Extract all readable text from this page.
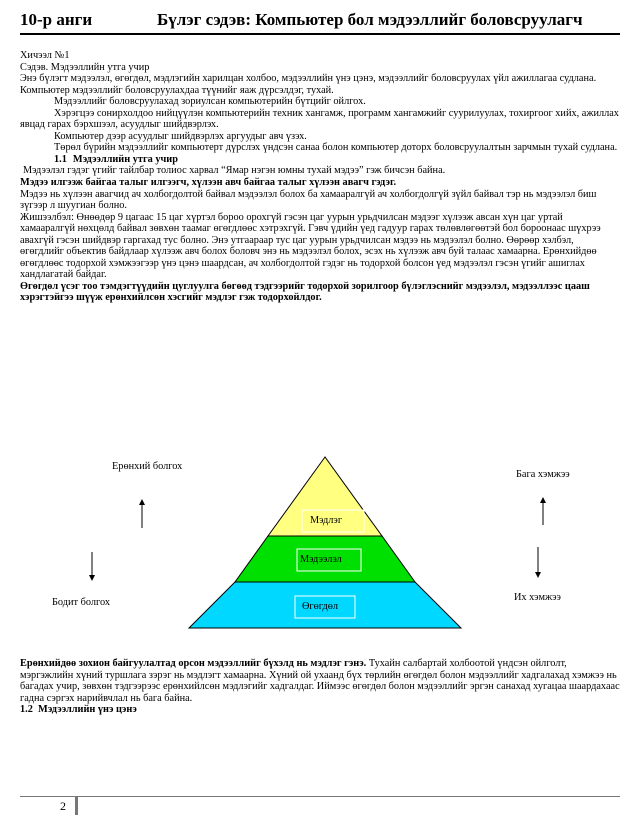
10-р анги	Бүлэг сэдэв: Компьютер бол мэдээллийг боловсруулагч

Хичээл №1

Сэдэв. Мэдээллийн утга учир

Энэ бүлэгт мэдээлэл, өгөгдөл, мэдлэгийн харилцан холбоо, мэдээллийн үнэ цэнэ, мэдээллийг боловсруулах үйл ажиллагаа судлана.

Компьютер мэдээллийг боловсруулахдаа түүнийг яаж дүрсэлдэг, тухай.

Мэдээллийг боловсруулахад зориулсан компьютерийн бүтцийг ойлгох.

Хэрэгцээ сонирхолдоо нийцүүлэн компьютерийн техник хангамж, программ хангамжийг суурилуулах, тохиргоог хийх, ажиллах явцад гарах бэрхшээл, асуудлыг шийдвэрлэх.

Компьютер дээр асуудлыг шийдвэрлэх аргуудыг авч үзэх.

Төрөл бүрийн мэдээллийг компьютерт дүрслэх үндсэн санаа болон компьютер доторх боловсруулалтын зарчмын тухай судлана.

1.1 Мэдээллийн утга учир

Мэдээлэл гэдэг үгийг тайлбар толиос харвал “Ямар нэгэн юмны тухай мэдээ” гэж бичсэн байна.

Мэдээ илгээж байгаа талыг илгээгч, хүлээн авч байгаа талыг хүлээн авагч гэдэг.

Мэдээ нь хүлээн авагчид ач холбогдолтой байвал мэдээлэл болох ба хамааралгүй ач холбогдолгүй зүйл байвал тэр нь мэдээлэл биш зүгээр л шуугиан болно.

Жишээлбэл: Өнөөдөр 9 цагаас 15 цаг хүртэл бороо орохгүй гэсэн цаг уурын урьдчилсан мэдээг хүлээж авсан хүн цаг уртай хамааралгүй нөхцөлд байвал зөвхөн таамаг өгөгдлөөс хэтрэхгүй. Гэвч үдийн үед гадуур гарах төлөвлөгөөтэй бол бороонаас шүхрээ авахгүй гэсэн шийдвэр гаргахад тус болно. Энэ утгаараар тус цаг уурын урьдчилсан мэдээ нь мэдээлэл болно. Өөрөөр хэлбэл, өгөгдлийг объектив байдлаар хүлээж авч болох боловч энэ нь мэдээлэл болох, эсэх нь хүлээж авч буй талаас хамаарна. Ерөнхийдөө өгөгдлөөс тодорхой хэмжээгээр үнэ цэнэ шаардсан, ач холбогдолтой гэдэг нь тодорхой болсон үед мэдээлэл гэсэн үгийг ашиглах хандлагатай байдаг.

Өгөгдөл үсэг тоо тэмдэгтүүдийн цуглуулга бөгөөд тэдгээрийг тодорхой зорилгоор бүлэглэснийг мэдээлэл, мэдээллээс цааш хэрэгтэйгээ шүүж ерөнхийлсөн хэсгийг мэдлэг гэж тодорхойлдог.

Ерөнхий болгох
Бодит болгох
Бага хэмжээ
Их хэмжээ
Мэдлэг
Мэдээлэл
Өгөгдөл

Ерөнхийдөө зохион байгуулалтад орсон мэдээллийг бүхэлд нь мэдлэг гэнэ. Тухайн салбартай холбоотой үндсэн ойлголт, мэргэжлийн хүний туршлага зэрэг нь мэдлэгт хамаарна. Хүний ой ухаанд бүх төрлийн өгөгдөл болон мэдээллийг хадгалахад хэмжээ нь багадах учир, зөвхөн тэдгээрээс ерөнхийлсөн мэдлэгийг хадгалдаг. Иймээс өгөгдөл болон мэдээллийг эргэн санахад хугацаа шаардахаас гадна сэргэх нарийвчлал нь бага байна.

1.2 Мэдээллийн үнэ цэнэ

2
